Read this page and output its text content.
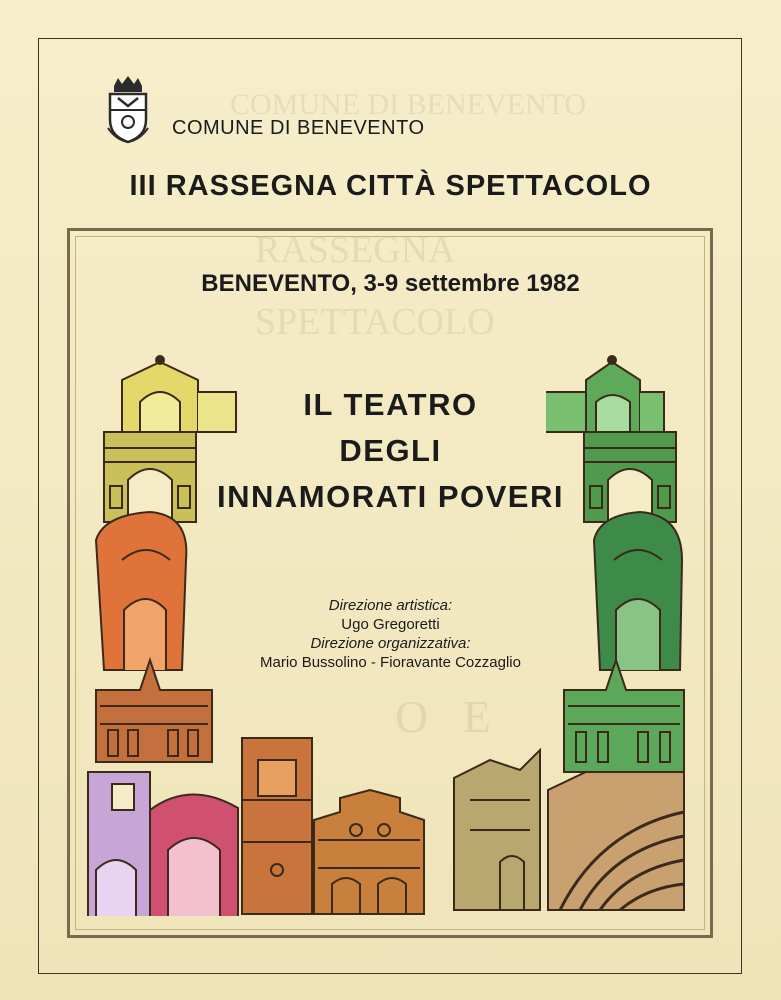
COMUNE DI BENEVENTO
RASSEGNA
SPETTACOLO
O   E
COMUNE DI BENEVENTO
III RASSEGNA CITTÀ SPETTACOLO
BENEVENTO, 3-9 settembre 1982
IL TEATRO
DEGLI
INNAMORATI POVERI
Direzione artistica:
Ugo Gregoretti
Direzione organizzativa:
Mario Bussolino - Fioravante Cozzaglio
